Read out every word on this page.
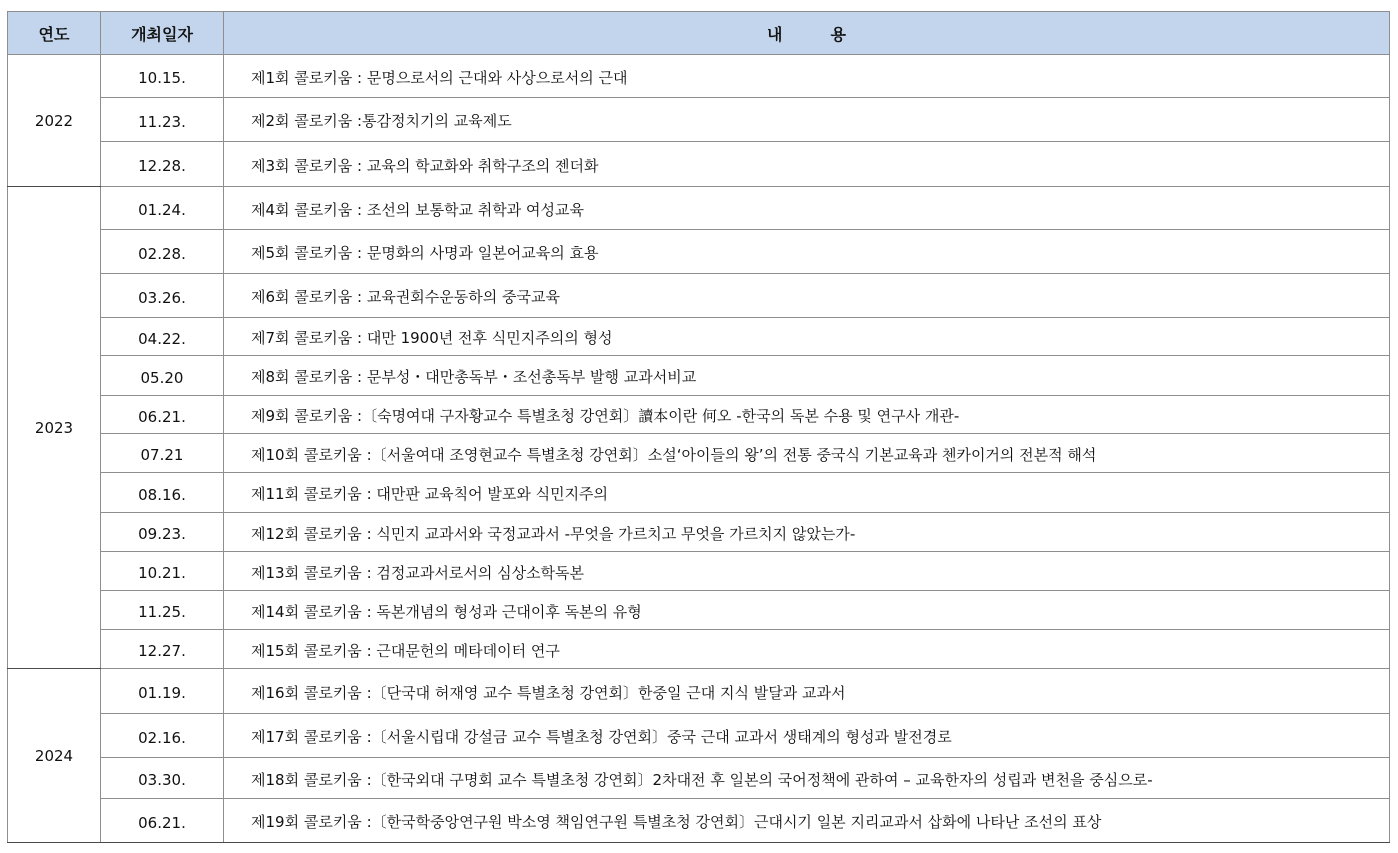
연도	개최일자	내　　　용
2022	10.15.	제1회 콜로키움 : 문명으로서의 근대와 사상으로서의 근대
	11.23.	제2회 콜로키움 :통감정치기의 교육제도
	12.28.	제3회 콜로키움 : 교육의 학교화와 취학구조의 젠더화
2023	01.24.	제4회 콜로키움 : 조선의 보통학교 취학과 여성교육
	02.28.	제5회 콜로키움 : 문명화의 사명과 일본어교육의 효용
	03.26.	제6회 콜로키움 : 교육권회수운동하의 중국교육
	04.22.	제7회 콜로키움 : 대만 1900년 전후 식민지주의의 형성
	05.20	제8회 콜로키움 : 문부성・대만총독부・조선총독부 발행 교과서비교
	06.21.	제9회 콜로키움 :〔숙명여대 구자황교수 특별초청 강연회〕讀本이란 何오 -한국의 독본 수용 및 연구사 개관-
	07.21	제10회 콜로키움 :〔서울여대 조영현교수 특별초청 강연회〕소설‘아이들의 왕’의 전통 중국식 기본교육과 첸카이거의 전본적 해석
	08.16.	제11회 콜로키움 : 대만판 교육칙어 발포와 식민지주의
	09.23.	제12회 콜로키움 : 식민지 교과서와 국정교과서 -무엇을 가르치고 무엇을 가르치지 않았는가-
	10.21.	제13회 콜로키움 : 검정교과서로서의 심상소학독본
	11.25.	제14회 콜로키움 : 독본개념의 형성과 근대이후 독본의 유형
	12.27.	제15회 콜로키움 : 근대문헌의 메타데이터 연구
2024	01.19.	제16회 콜로키움 :〔단국대 허재영 교수 특별초청 강연회〕한중일 근대 지식 발달과 교과서
	02.16.	제17회 콜로키움 :〔서울시립대 강설금 교수 특별초청 강연회〕중국 근대 교과서 생태계의 형성과 발전경로
	03.30.	제18회 콜로키움 :〔한국외대 구명회 교수 특별초청 강연회〕2차대전 후 일본의 국어정책에 관하여 – 교육한자의 성립과 변천을 중심으로-
	06.21.	제19회 콜로키움 :〔한국학중앙연구원 박소영 책임연구원 특별초청 강연회〕근대시기 일본 지리교과서 삽화에 나타난 조선의 표상
